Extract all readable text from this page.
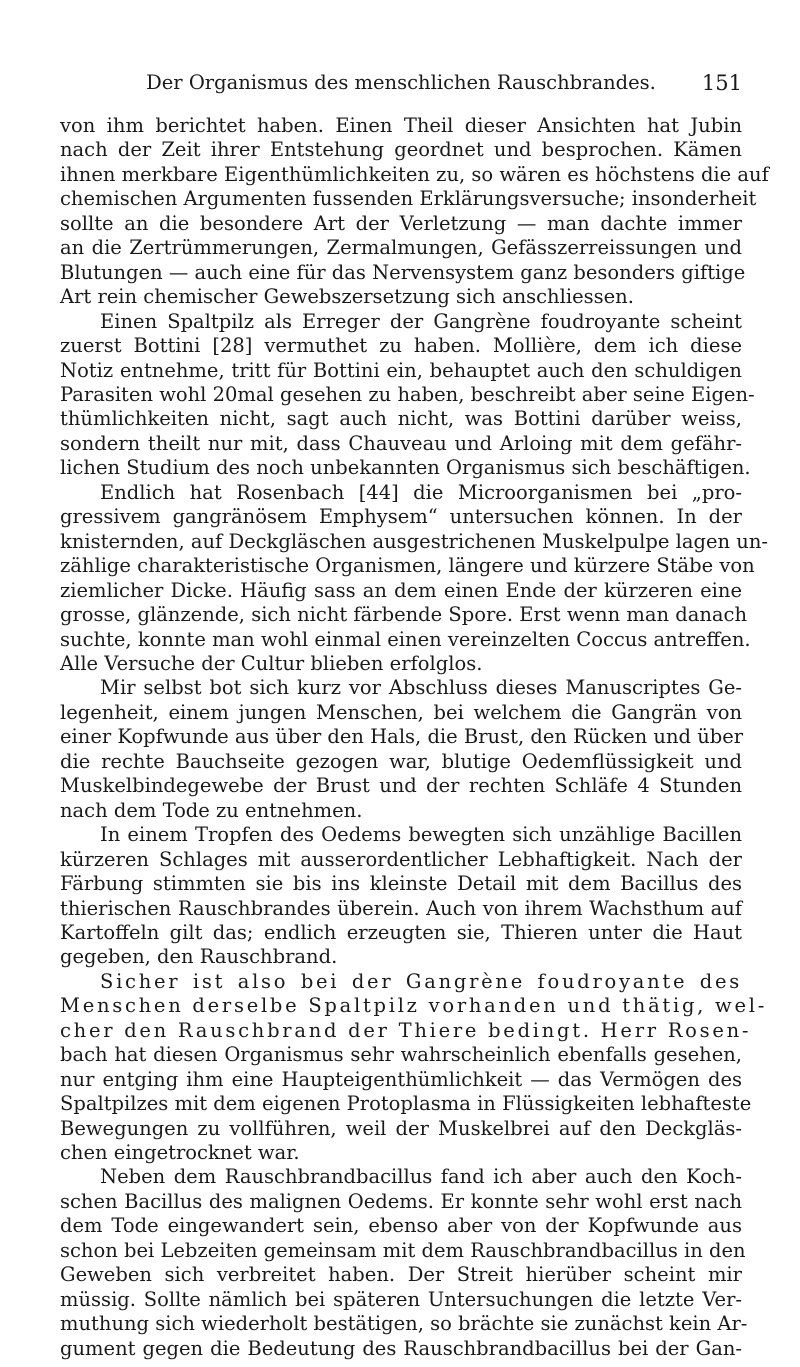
Der Organismus des menschlichen Rauschbrandes.	151
von ihm berichtet haben. Einen Theil dieser Ansichten hat Jubin
nach der Zeit ihrer Entstehung geordnet und besprochen. Kämen
ihnen merkbare Eigenthümlichkeiten zu, so wären es höchstens die auf
chemischen Argumenten fussenden Erklärungsversuche; insonderheit
sollte an die besondere Art der Verletzung — man dachte immer
an die Zertrümmerungen, Zermalmungen, Gefässzerreissungen und
Blutungen — auch eine für das Nervensystem ganz besonders giftige
Art rein chemischer Gewebszersetzung sich anschliessen.
Einen Spaltpilz als Erreger der Gangrène foudroyante scheint
zuerst Bottini [28] vermuthet zu haben. Mollière, dem ich diese
Notiz entnehme, tritt für Bottini ein, behauptet auch den schuldigen
Parasiten wohl 20mal gesehen zu haben, beschreibt aber seine Eigen-
thümlichkeiten nicht, sagt auch nicht, was Bottini darüber weiss,
sondern theilt nur mit, dass Chauveau und Arloing mit dem gefähr-
lichen Studium des noch unbekannten Organismus sich beschäftigen.
Endlich hat Rosenbach [44] die Microorganismen bei „pro-
gressivem gangränösem Emphysem“ untersuchen können. In der
knisternden, auf Deckgläschen ausgestrichenen Muskelpulpe lagen un-
zählige charakteristische Organismen, längere und kürzere Stäbe von
ziemlicher Dicke. Häufig sass an dem einen Ende der kürzeren eine
grosse, glänzende, sich nicht färbende Spore. Erst wenn man danach
suchte, konnte man wohl einmal einen vereinzelten Coccus antreffen.
Alle Versuche der Cultur blieben erfolglos.
Mir selbst bot sich kurz vor Abschluss dieses Manuscriptes Ge-
legenheit, einem jungen Menschen, bei welchem die Gangrän von
einer Kopfwunde aus über den Hals, die Brust, den Rücken und über
die rechte Bauchseite gezogen war, blutige Oedemflüssigkeit und
Muskelbindegewebe der Brust und der rechten Schläfe 4 Stunden
nach dem Tode zu entnehmen.
In einem Tropfen des Oedems bewegten sich unzählige Bacillen
kürzeren Schlages mit ausserordentlicher Lebhaftigkeit. Nach der
Färbung stimmten sie bis ins kleinste Detail mit dem Bacillus des
thierischen Rauschbrandes überein. Auch von ihrem Wachsthum auf
Kartoffeln gilt das; endlich erzeugten sie, Thieren unter die Haut
gegeben, den Rauschbrand.
Sicher ist also bei der Gangrène foudroyante des
Menschen derselbe Spaltpilz vorhanden und thätig, wel-
cher den Rauschbrand der Thiere bedingt. Herr Rosen-
bach hat diesen Organismus sehr wahrscheinlich ebenfalls gesehen,
nur entging ihm eine Haupteigenthümlichkeit — das Vermögen des
Spaltpilzes mit dem eigenen Protoplasma in Flüssigkeiten lebhafteste
Bewegungen zu vollführen, weil der Muskelbrei auf den Deckgläs-
chen eingetrocknet war.
Neben dem Rauschbrandbacillus fand ich aber auch den Koch-
schen Bacillus des malignen Oedems. Er konnte sehr wohl erst nach
dem Tode eingewandert sein, ebenso aber von der Kopfwunde aus
schon bei Lebzeiten gemeinsam mit dem Rauschbrandbacillus in den
Geweben sich verbreitet haben. Der Streit hierüber scheint mir
müssig. Sollte nämlich bei späteren Untersuchungen die letzte Ver-
muthung sich wiederholt bestätigen, so brächte sie zunächst kein Ar-
gument gegen die Bedeutung des Rauschbrandbacillus bei der Gan-
